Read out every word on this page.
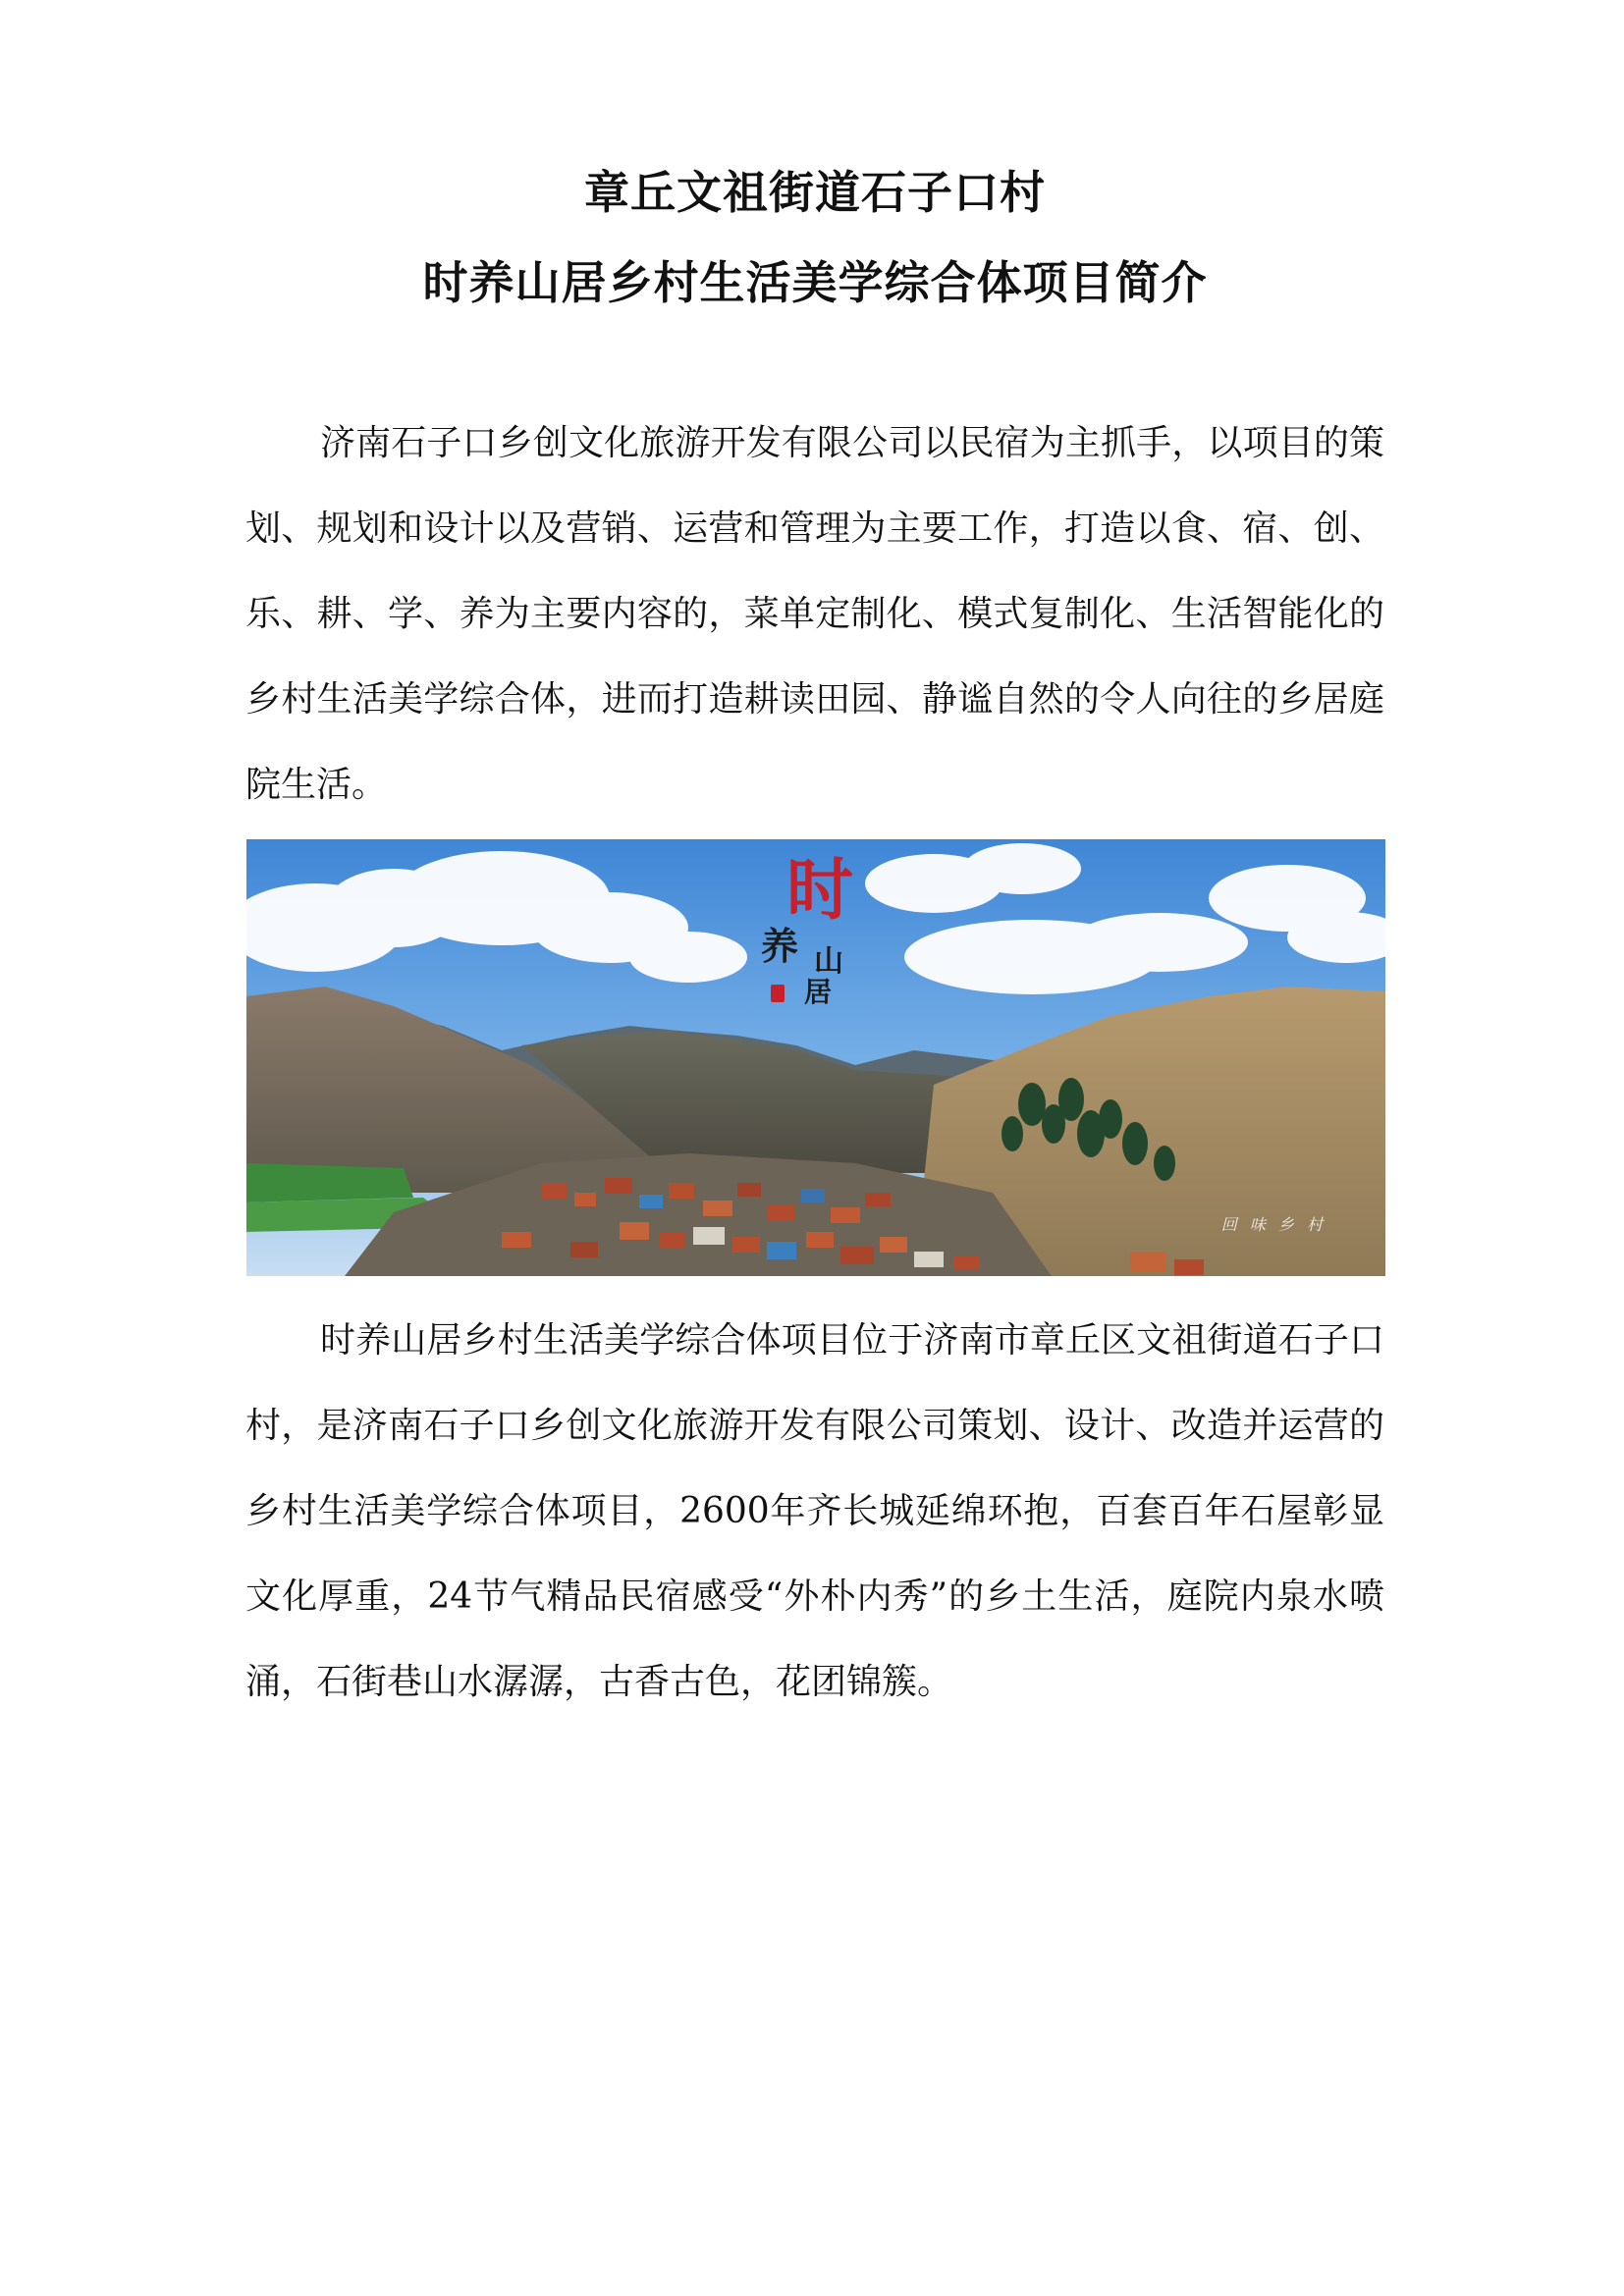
章丘文祖街道石子口村
时养山居乡村生活美学综合体项目简介

济南石子口乡创文化旅游开发有限公司以民宿为主抓手，以项目的策划、规划和设计以及营销、运营和管理为主要工作，打造以食、宿、创、乐、耕、学、养为主要内容的，菜单定制化、模式复制化、生活智能化的乡村生活美学综合体，进而打造耕读田园、静谧自然的令人向往的乡居庭院生活。

时
养 山
居
回 味 乡 村

时养山居乡村生活美学综合体项目位于济南市章丘区文祖街道石子口村，是济南石子口乡创文化旅游开发有限公司策划、设计、改造并运营的乡村生活美学综合体项目，2600年齐长城延绵环抱，百套百年石屋彰显文化厚重，24节气精品民宿感受“外朴内秀”的乡土生活，庭院内泉水喷涌，石街巷山水潺潺，古香古色，花团锦簇。
